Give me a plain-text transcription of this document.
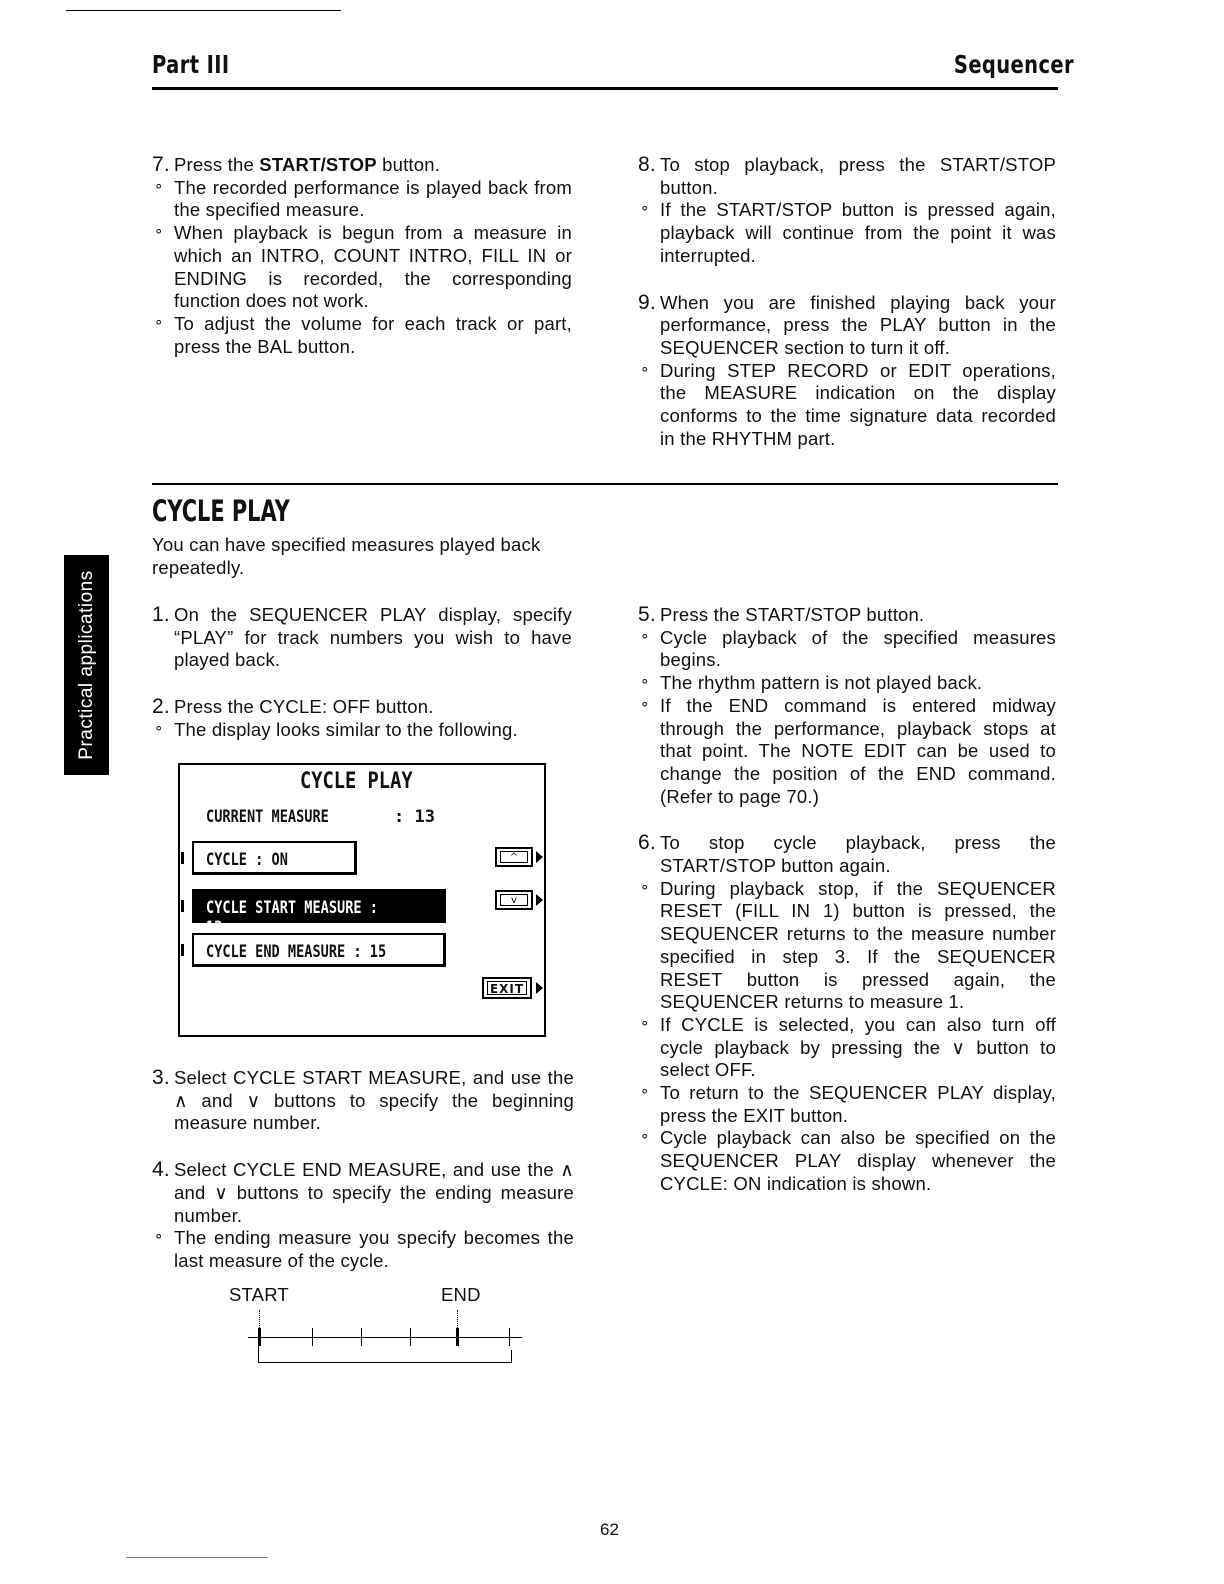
Part III	Sequencer
Practical applications

7. Press the START/STOP button.

∘ The recorded performance is played back from the specified measure.

∘ When playback is begun from a measure in which an INTRO, COUNT INTRO, FILL IN or ENDING is recorded, the corresponding function does not work.

∘ To adjust the volume for each track or part, press the BAL button.

8. To stop playback, press the START/STOP button.

∘ If the START/STOP button is pressed again, playback will continue from the point it was interrupted.

9. When you are finished playing back your performance, press the PLAY button in the SEQUENCER section to turn it off.

∘ During STEP RECORD or EDIT operations, the MEASURE indication on the display conforms to the time signature data recorded in the RHYTHM part.

CYCLE PLAY
You can have specified measures played back repeatedly.

1. On the SEQUENCER PLAY display, specify “PLAY” for track numbers you wish to have played back.

2. Press the CYCLE: OFF button.

∘ The display looks similar to the following.

CYCLE PLAY
CURRENT MEASURE	: 13
CYCLE : ON
CYCLE START MEASURE : 12
CYCLE END MEASURE : 15
^
v
EXIT

3. Select CYCLE START MEASURE, and use the ∧ and ∨ buttons to specify the beginning measure number.

4. Select CYCLE END MEASURE, and use the ∧ and ∨ buttons to specify the ending measure number.

∘ The ending measure you specify becomes the last measure of the cycle.

START	END

5. Press the START/STOP button.

∘ Cycle playback of the specified measures begins.

∘ The rhythm pattern is not played back.

∘ If the END command is entered midway through the performance, playback stops at that point. The NOTE EDIT can be used to change the position of the END command. (Refer to page 70.)

6. To stop cycle playback, press the START/STOP button again.

∘ During playback stop, if the SEQUENCER RESET (FILL IN 1) button is pressed, the SEQUENCER returns to the measure number specified in step 3. If the SEQUENCER RESET button is pressed again, the SEQUENCER returns to measure 1.

∘ If CYCLE is selected, you can also turn off cycle playback by pressing the ∨ button to select OFF.

∘ To return to the SEQUENCER PLAY display, press the EXIT button.

∘ Cycle playback can also be specified on the SEQUENCER PLAY display whenever the CYCLE: ON indication is shown.

62
